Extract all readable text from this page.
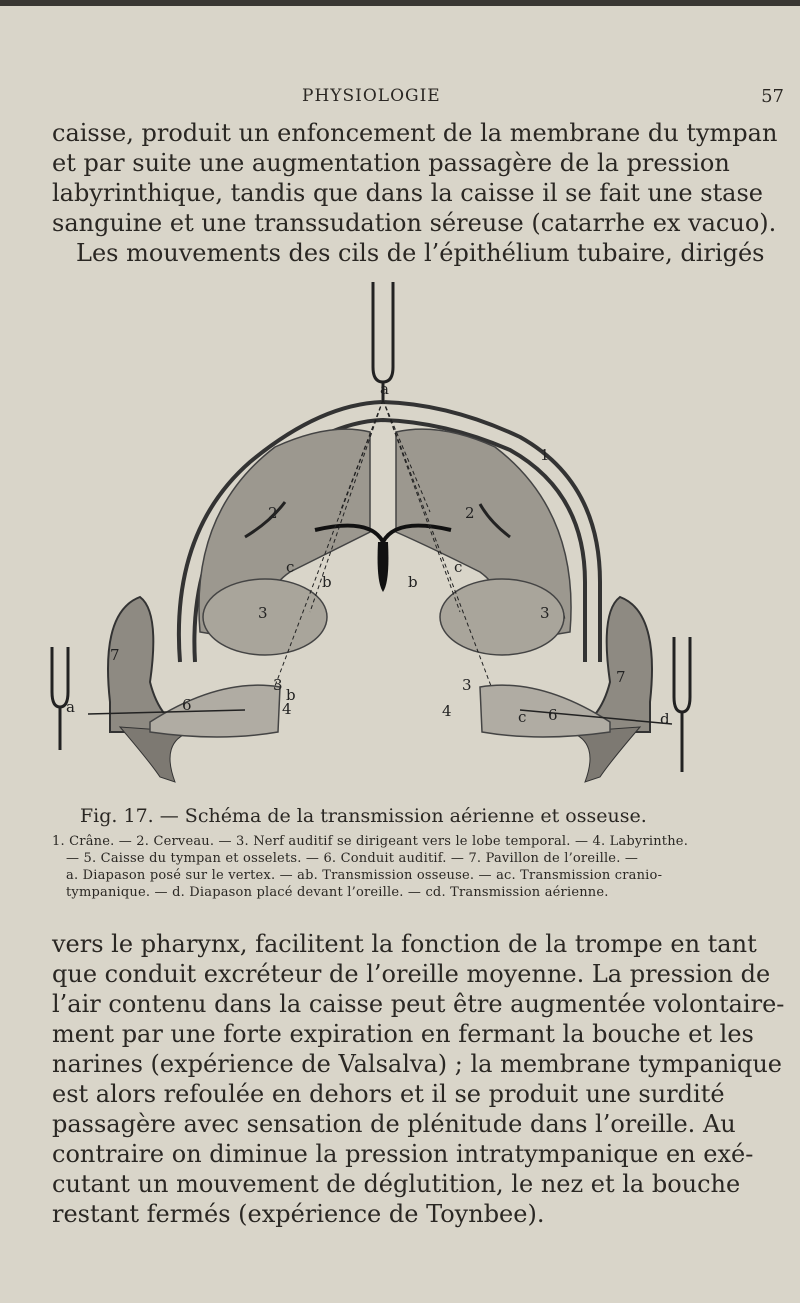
PHYSIOLOGIE	57
caisse, produit un enfoncement de la membrane du tympan
et par suite une augmentation passagère de la pression
labyrinthique, tandis que dans la caisse il se fait une stase
sanguine et une transsudation séreuse (catarrhe ex vacuo).
Les mouvements des cils de l’épithélium tubaire, dirigés
a
1
2	2
c
b	b
c
3	3
7
7
3
b
4
3
4
6
6
c
a
d
Fig. 17. — Schéma de la transmission aérienne et osseuse.
1. Crâne. — 2. Cerveau. — 3. Nerf auditif se dirigeant vers le lobe temporal. — 4. Labyrinthe.
— 5. Caisse du tympan et osselets. — 6. Conduit auditif. — 7. Pavillon de l’oreille. —
a. Diapason posé sur le vertex. — ab. Transmission osseuse. — ac. Transmission cranio-
tympanique. — d. Diapason placé devant l’oreille. — cd. Transmission aérienne.
vers le pharynx, facilitent la fonction de la trompe en tant
que conduit excréteur de l’oreille moyenne. La pression de
l’air contenu dans la caisse peut être augmentée volontaire-
ment par une forte expiration en fermant la bouche et les
narines (expérience de Valsalva) ; la membrane tympanique
est alors refoulée en dehors et il se produit une surdité
passagère avec sensation de plénitude dans l’oreille. Au
contraire on diminue la pression intratympanique en exé-
cutant un mouvement de déglutition, le nez et la bouche
restant fermés (expérience de Toynbee).
